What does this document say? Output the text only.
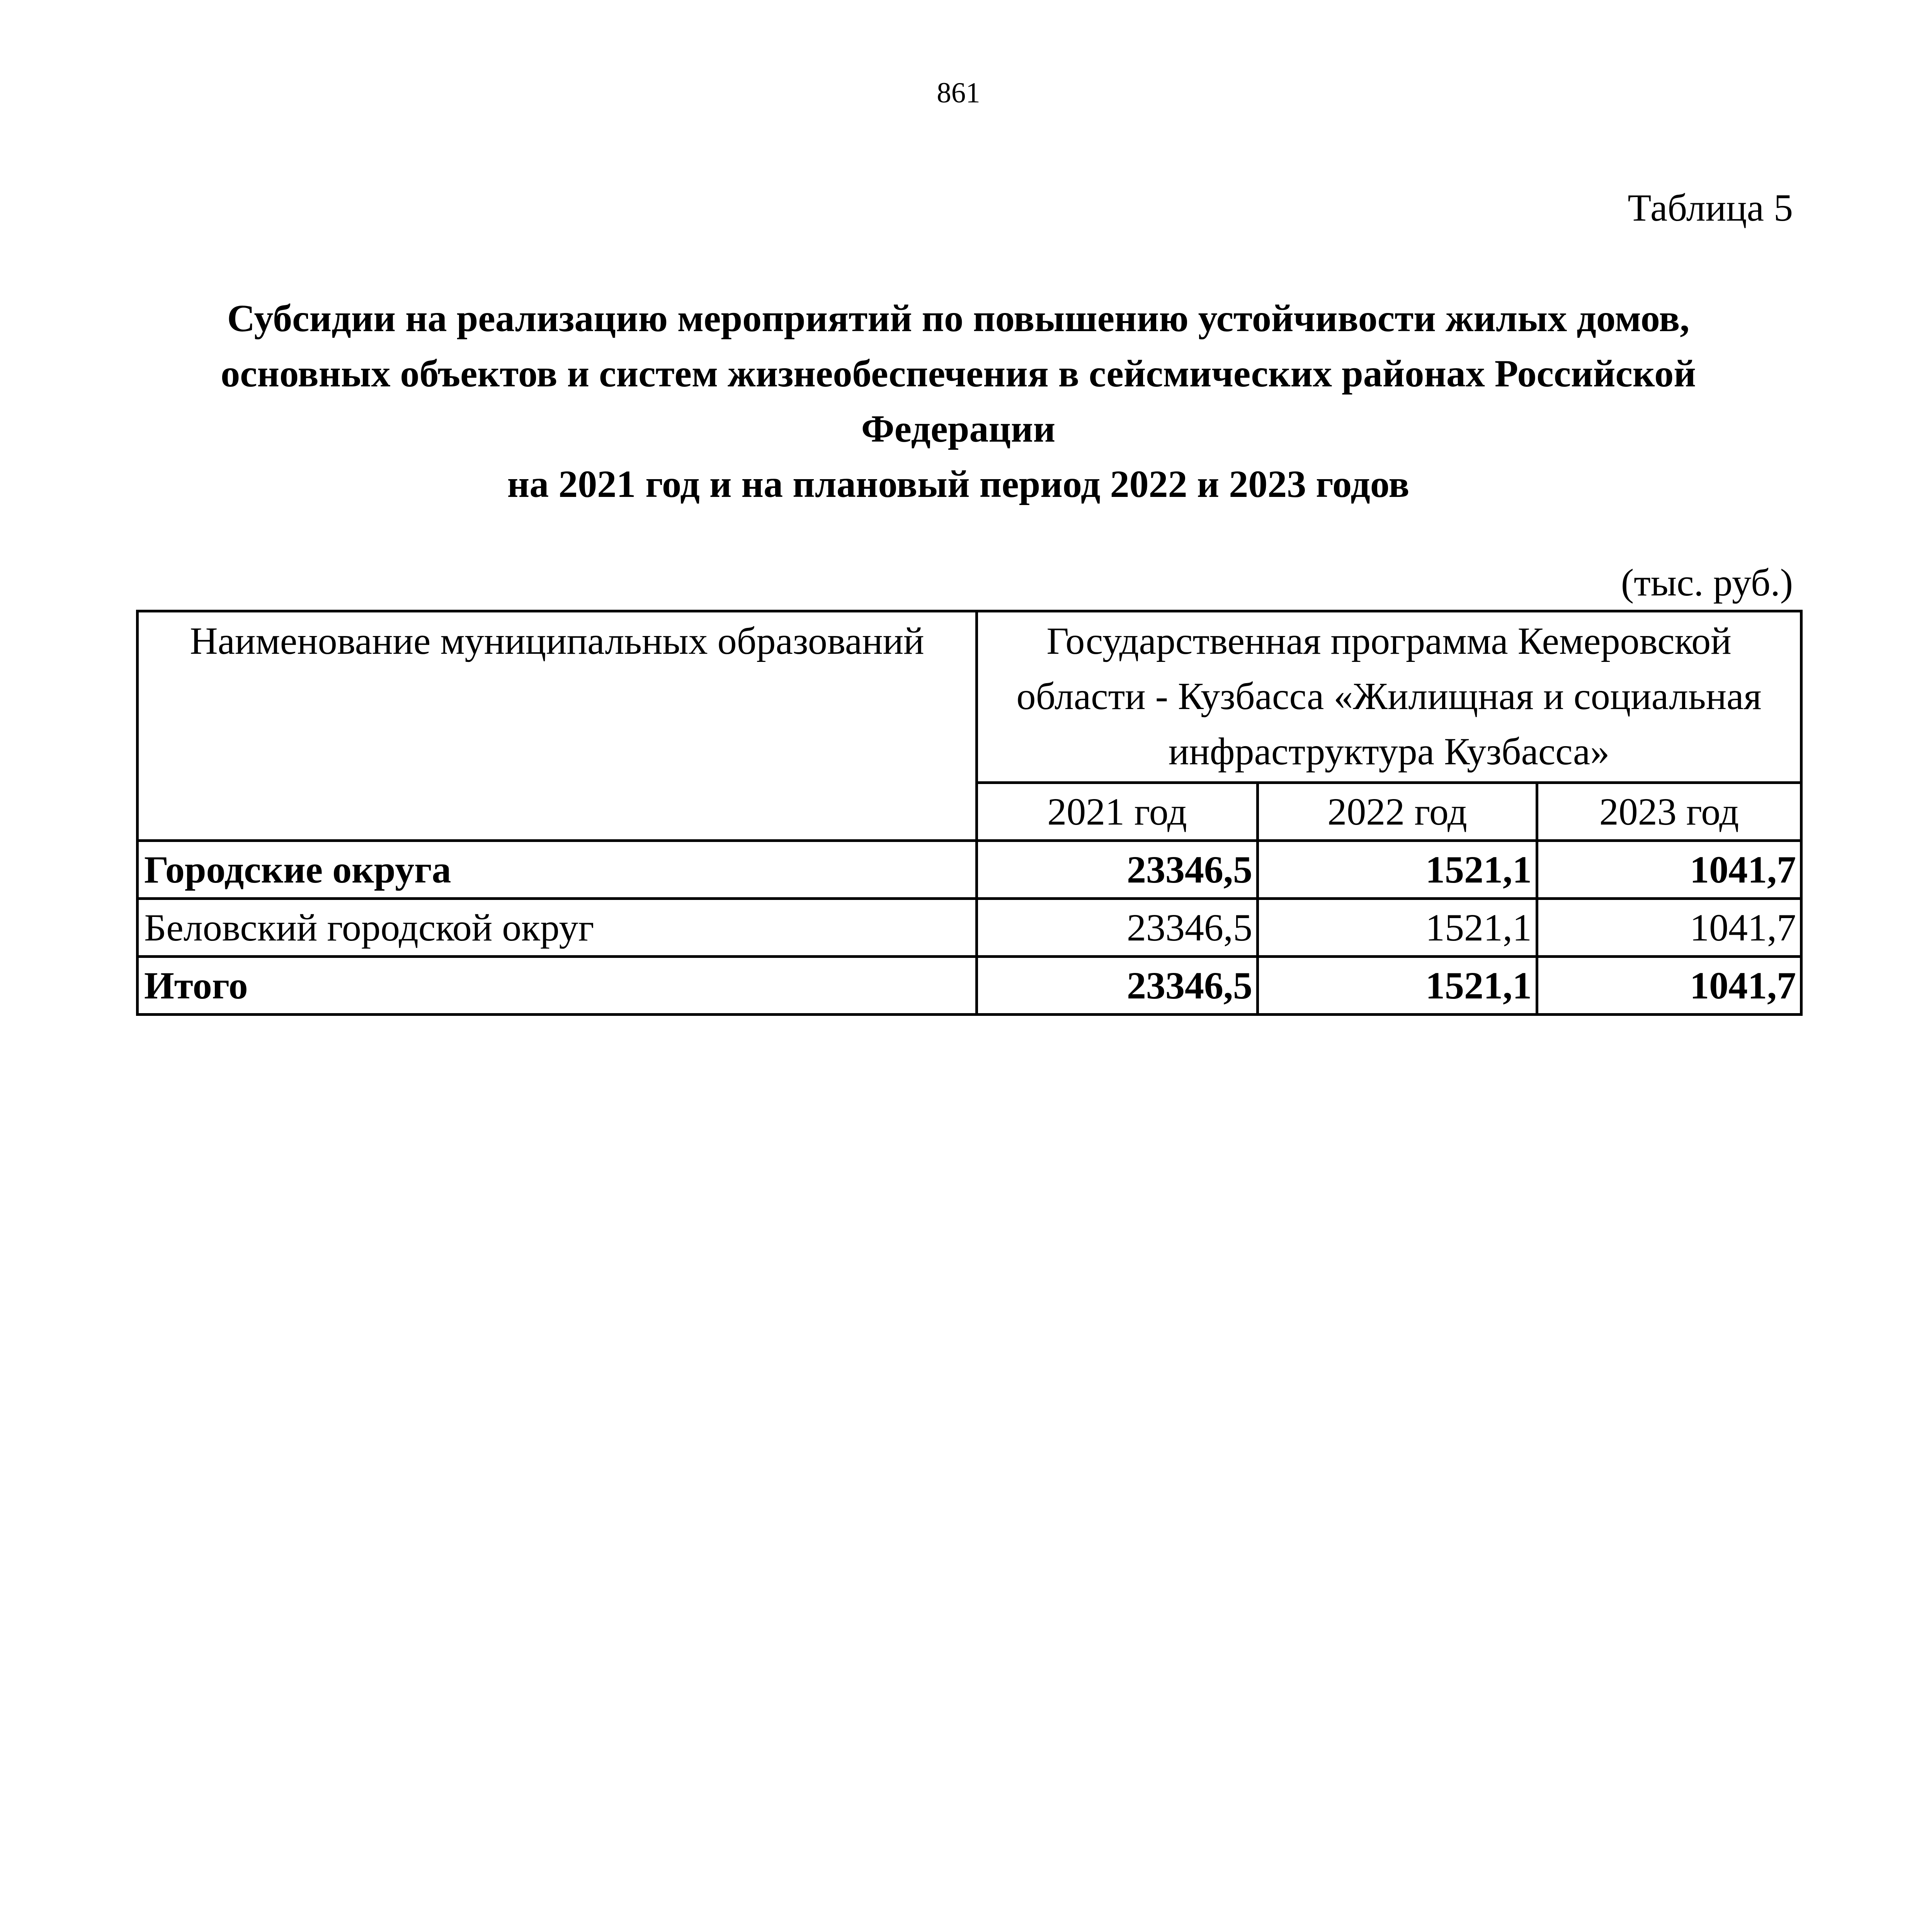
861
Таблица 5
Субсидии на реализацию мероприятий по повышению устойчивости жилых домов,
основных объектов и систем жизнеобеспечения в сейсмических районах Российской
Федерации
на 2021 год и на плановый период 2022 и 2023 годов
(тыс. руб.)
Наименование муниципальных образований	Государственная программа Кемеровской области - Кузбасса «Жилищная и социальная инфраструктура Кузбасса»		
	2021 год	2022 год	2023 год
Городские округа	23346,5	1521,1	1041,7
Беловский городской округ	23346,5	1521,1	1041,7
Итого	23346,5	1521,1	1041,7
